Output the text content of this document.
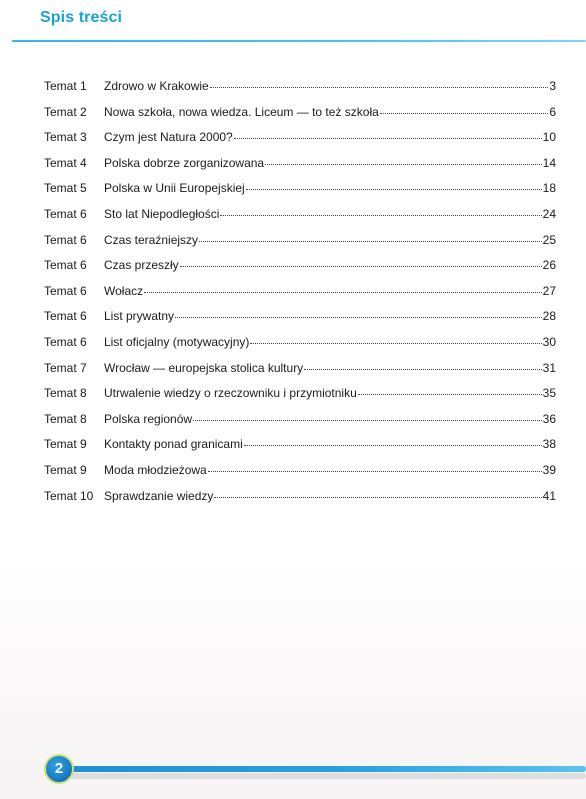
Spis treści
Temat 1 Zdrowo w Krakowie	3
Temat 2 Nowa szkoła, nowa wiedza. Liceum — to też szkoła	6
Temat 3 Czym jest Natura 2000?	10
Temat 4 Polska dobrze zorganizowana	14
Temat 5 Polska w Unii Europejskiej	18
Temat 6 Sto lat Niepodległości	24
Temat 6 Czas teraźniejszy	25
Temat 6 Czas przeszły	26
Temat 6 Wołacz	27
Temat 6 List prywatny	28
Temat 6 List oficjalny (motywacyjny)	30
Temat 7 Wrocław — europejska stolica kultury	31
Temat 8 Utrwalenie wiedzy o rzeczowniku i przymiotniku	35
Temat 8 Polska regionów	36
Temat 9 Kontakty ponad granicami	38
Temat 9 Moda młodzieżowa	39
Temat 10 Sprawdzanie wiedzy	41
2
